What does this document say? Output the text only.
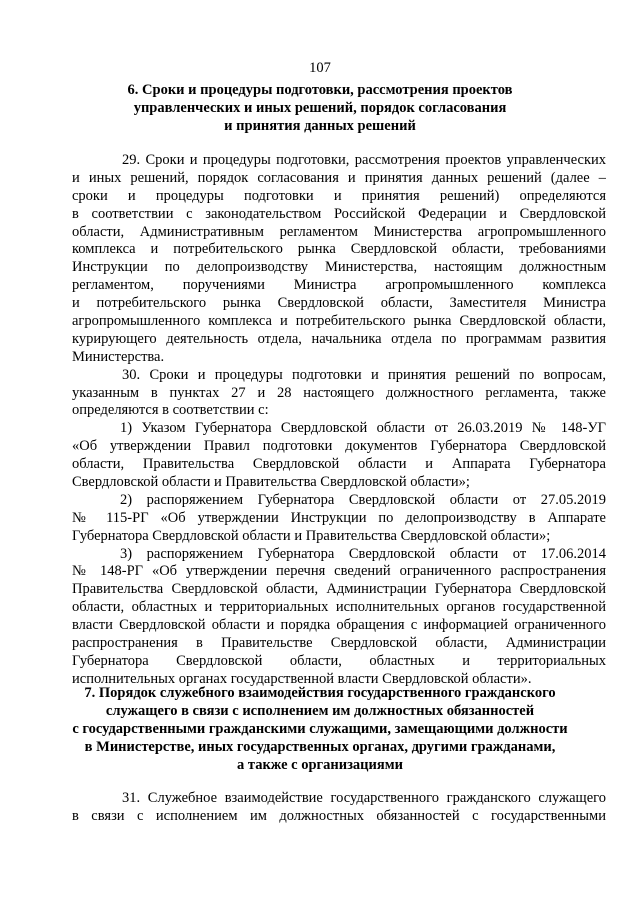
107
6. Сроки и процедуры подготовки, рассмотрения проектов
управленческих и иных решений, порядок согласования
и принятия данных решений
29. Сроки и процедуры подготовки, рассмотрения проектов управленческих
и иных решений, порядок согласования и принятия данных решений (далее –
сроки и процедуры подготовки и принятия решений) определяются
в соответствии с законодательством Российской Федерации и Свердловской
области, Административным регламентом Министерства агропромышленного
комплекса и потребительского рынка Свердловской области, требованиями
Инструкции по делопроизводству Министерства, настоящим должностным
регламентом, поручениями Министра агропромышленного комплекса
и потребительского рынка Свердловской области, Заместителя Министра
агропромышленного комплекса и потребительского рынка Свердловской области,
курирующего деятельность отдела, начальника отдела по программам развития
Министерства.
30. Сроки и процедуры подготовки и принятия решений по вопросам,
указанным в пунктах 27 и 28 настоящего должностного регламента, также
определяются в соответствии с:
1) Указом Губернатора Свердловской области от 26.03.2019 № 148-УГ
«Об утверждении Правил подготовки документов Губернатора Свердловской
области, Правительства Свердловской области и Аппарата Губернатора
Свердловской области и Правительства Свердловской области»;
2) распоряжением Губернатора Свердловской области от 27.05.2019
№ 115-РГ «Об утверждении Инструкции по делопроизводству в Аппарате
Губернатора Свердловской области и Правительства Свердловской области»;
3) распоряжением Губернатора Свердловской области от 17.06.2014
№ 148-РГ «Об утверждении перечня сведений ограниченного распространения
Правительства Свердловской области, Администрации Губернатора Свердловской
области, областных и территориальных исполнительных органов государственной
власти Свердловской области и порядка обращения с информацией ограниченного
распространения в Правительстве Свердловской области, Администрации
Губернатора Свердловской области, областных и территориальных
исполнительных органах государственной власти Свердловской области».
7. Порядок служебного взаимодействия государственного гражданского
служащего в связи с исполнением им должностных обязанностей
с государственными гражданскими служащими, замещающими должности
в Министерстве, иных государственных органах, другими гражданами,
а также с организациями
31. Служебное взаимодействие государственного гражданского служащего
в связи с исполнением им должностных обязанностей с государственными
